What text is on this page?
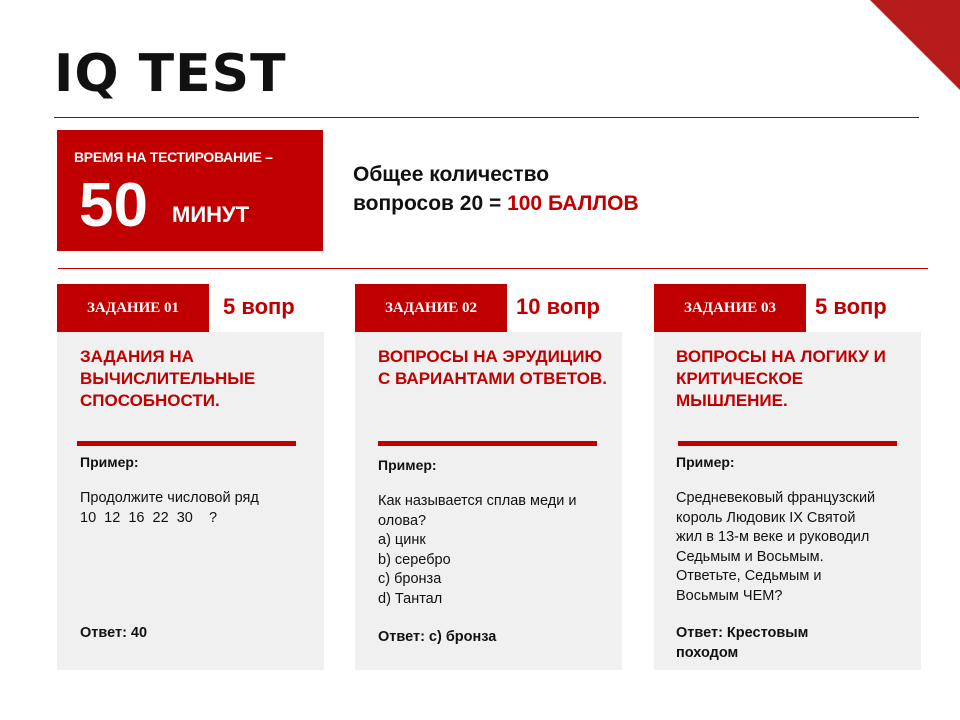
IQ TEST
ВРЕМЯ НА ТЕСТИРОВАНИЕ –
50 МИНУТ
Общее количество
вопросов 20 = 100 БАЛЛОВ
ЗАДАНИЕ 01	5 вопр

ЗАДАНИЯ НА ВЫЧИСЛИТЕЛЬНЫЕ СПОСОБНОСТИ.

Пример:
Продолжите числовой ряд
10  12  16  22  30    ?
Ответ: 40
ЗАДАНИЕ 02	10 вопр

ВОПРОСЫ НА ЭРУДИЦИЮ С ВАРИАНТАМИ ОТВЕТОВ.

Пример:
Как называется сплав меди и
олова?
a) цинк
b) серебро
c) бронза
d) Тантал
Ответ: c) бронза
ЗАДАНИЕ 03	5 вопр

ВОПРОСЫ НА ЛОГИКУ И КРИТИЧЕСКОЕ МЫШЛЕНИЕ.

Пример:
Средневековый французский
король Людовик IX Святой
жил в 13-м веке и руководил
Седьмым и Восьмым.
Ответьте, Седьмым и
Восьмым ЧЕМ?
Ответ: Крестовым походом
